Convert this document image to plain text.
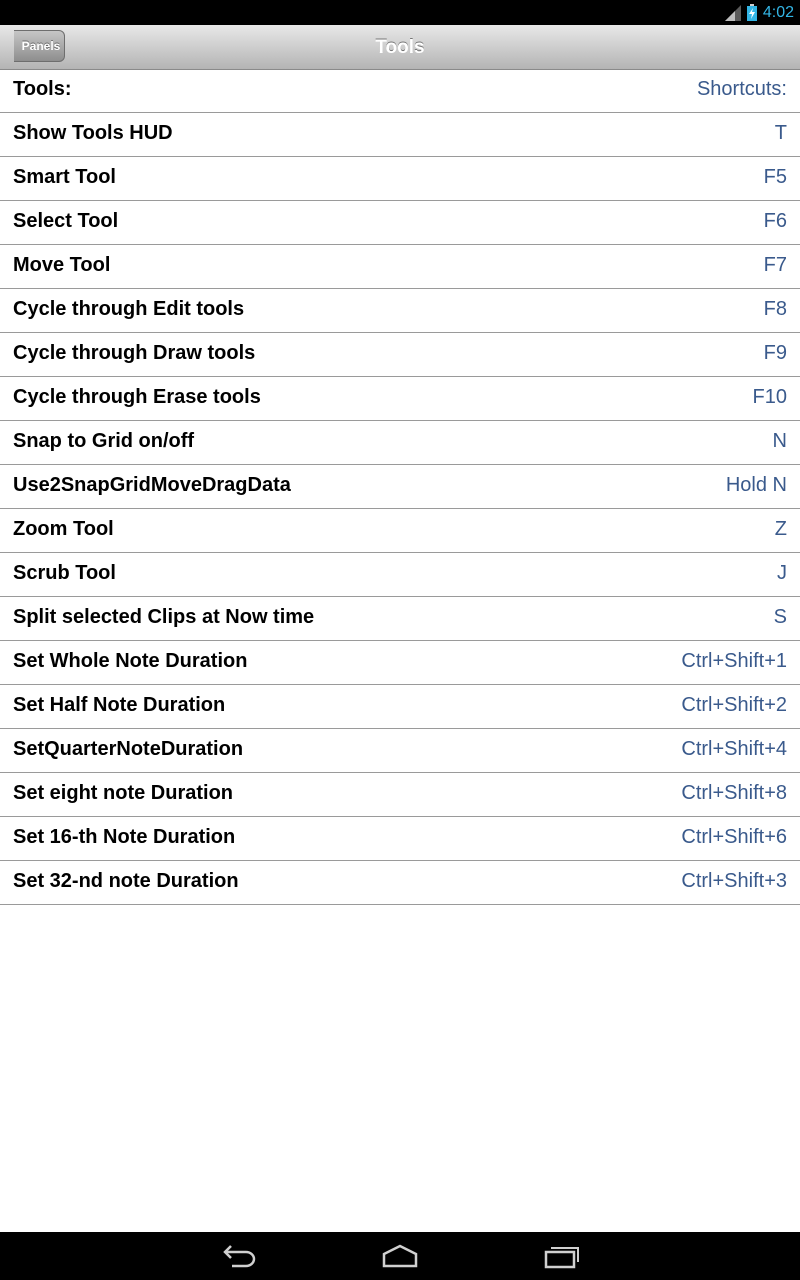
4:02
Tools
Panels
Tools:	Shortcuts:
Show Tools HUD	T
Smart Tool	F5
Select Tool	F6
Move Tool	F7
Cycle through Edit tools	F8
Cycle through Draw tools	F9
Cycle through Erase tools	F10
Snap to Grid on/off	N
Use2SnapGridMoveDragData	Hold N
Zoom Tool	Z
Scrub Tool	J
Split selected Clips at Now time	S
Set Whole Note Duration	Ctrl+Shift+1
Set Half Note Duration	Ctrl+Shift+2
SetQuarterNoteDuration	Ctrl+Shift+4
Set eight note Duration	Ctrl+Shift+8
Set 16-th Note Duration	Ctrl+Shift+6
Set 32-nd note Duration	Ctrl+Shift+3
